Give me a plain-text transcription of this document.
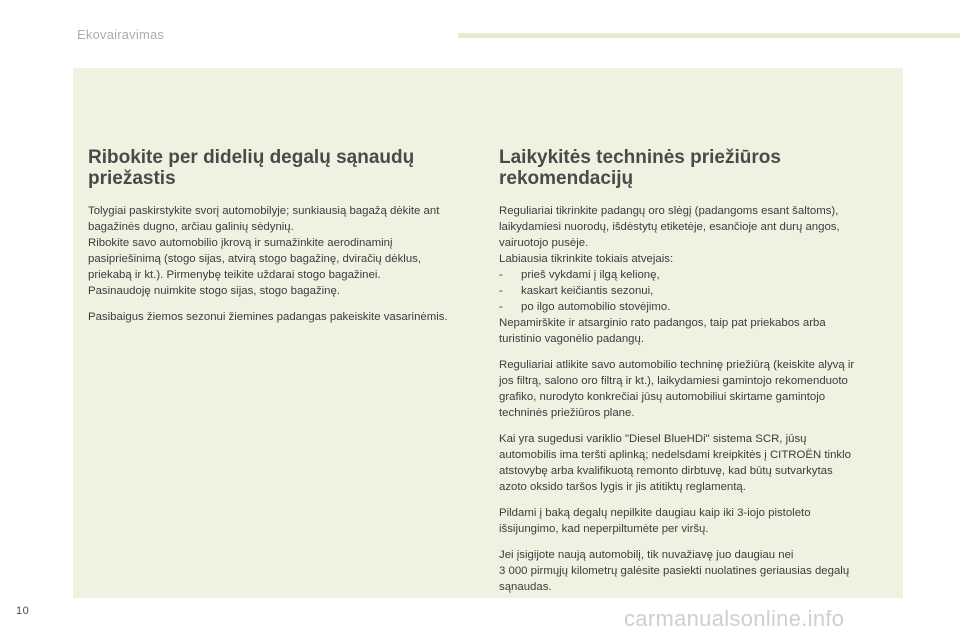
Ekovairavimas
Ribokite per didelių degalų sąnaudų
priežastis

Tolygiai paskirstykite svorį automobilyje; sunkiausią bagažą dėkite ant
bagažinės dugno, arčiau galinių sėdynių.
Ribokite savo automobilio įkrovą ir sumažinkite aerodinaminį
pasipriešinimą (stogo sijas, atvirą stogo bagažinę, dviračių dėklus,
priekabą ir kt.). Pirmenybę teikite uždarai stogo bagažinei.
Pasinaudoję nuimkite stogo sijas, stogo bagažinę.

Pasibaigus žiemos sezonui žiemines padangas pakeiskite vasarinėmis.

Laikykitės techninės priežiūros
rekomendacijų

Reguliariai tikrinkite padangų oro slėgį (padangoms esant šaltoms),
laikydamiesi nuorodų, išdėstytų etiketėje, esančioje ant durų angos,
vairuotojo pusėje.
Labiausia tikrinkite tokiais atvejais:
- prieš vykdami į ilgą kelionę,
- kaskart keičiantis sezonui,
- po ilgo automobilio stovėjimo.
Nepamirškite ir atsarginio rato padangos, taip pat priekabos arba
turistinio vagonėlio padangų.

Reguliariai atlikite savo automobilio techninę priežiūrą (keiskite alyvą ir
jos filtrą, salono oro filtrą ir kt.), laikydamiesi gamintojo rekomenduoto
grafiko, nurodyto konkrečiai jūsų automobiliui skirtame gamintojo
techninės priežiūros plane.

Kai yra sugedusi variklio "Diesel BlueHDi" sistema SCR, jūsų
automobilis ima teršti aplinką; nedelsdami kreipkitės į CITROËN tinklo
atstovybę arba kvalifikuotą remonto dirbtuvę, kad būtų sutvarkytas
azoto oksido taršos lygis ir jis atitiktų reglamentą.

Pildami į baką degalų nepilkite daugiau kaip iki 3-iojo pistoleto
išsijungimo, kad neperpiltumėte per viršų.

Jei įsigijote naują automobilį, tik nuvažiavę juo daugiau nei
3 000 pirmųjų kilometrų galėsite pasiekti nuolatines geriausias degalų
sąnaudas.

10	carmanualsonline.info
